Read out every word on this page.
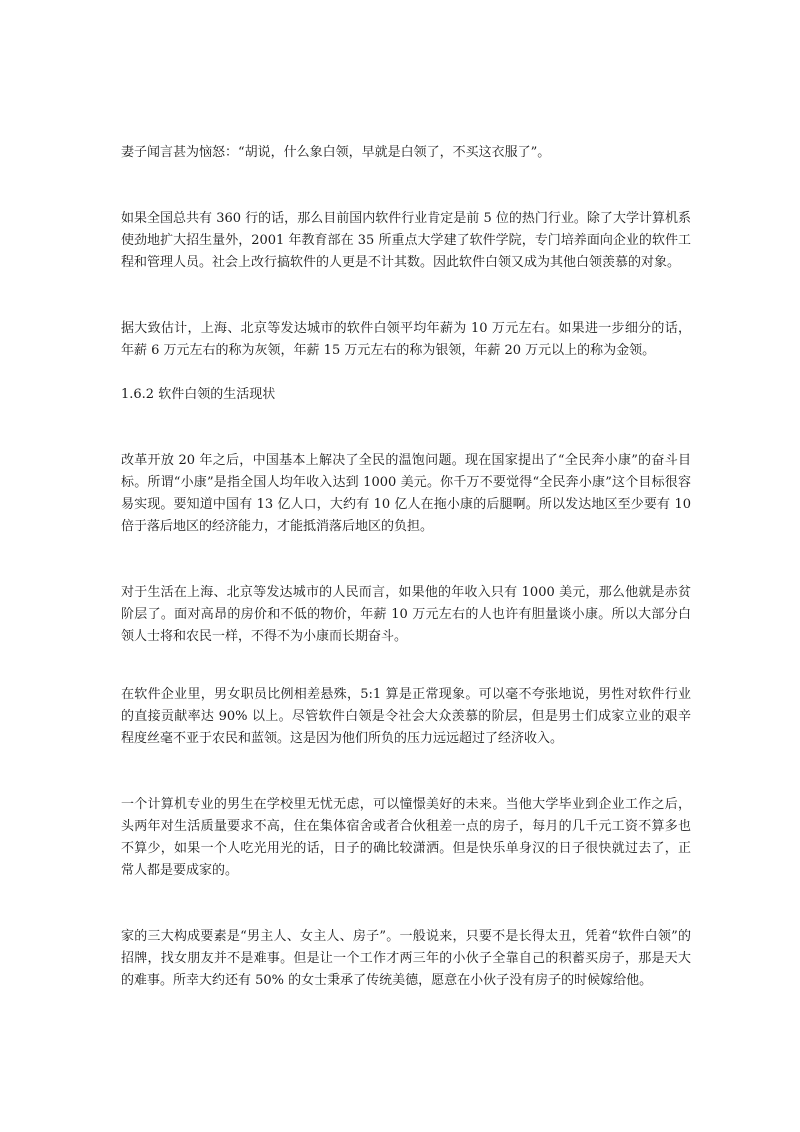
妻子闻言甚为恼怒：“胡说，什么象白领，早就是白领了，不买这衣服了”。

如果全国总共有 360 行的话，那么目前国内软件行业肯定是前 5 位的热门行业。除了大学计算机系使劲地扩大招生量外，2001 年教育部在 35 所重点大学建了软件学院，专门培养面向企业的软件工程和管理人员。社会上改行搞软件的人更是不计其数。因此软件白领又成为其他白领羡慕的对象。

据大致估计，上海、北京等发达城市的软件白领平均年薪为 10 万元左右。如果进一步细分的话，年薪 6 万元左右的称为灰领，年薪 15 万元左右的称为银领，年薪 20 万元以上的称为金领。

1.6.2 软件白领的生活现状

改革开放 20 年之后，中国基本上解决了全民的温饱问题。现在国家提出了“全民奔小康”的奋斗目标。所谓“小康”是指全国人均年收入达到 1000 美元。你千万不要觉得“全民奔小康”这个目标很容易实现。要知道中国有 13 亿人口，大约有 10 亿人在拖小康的后腿啊。所以发达地区至少要有 10 倍于落后地区的经济能力，才能抵消落后地区的负担。

对于生活在上海、北京等发达城市的人民而言，如果他的年收入只有 1000 美元，那么他就是赤贫阶层了。面对高昂的房价和不低的物价，年薪 10 万元左右的人也许有胆量谈小康。所以大部分白领人士将和农民一样，不得不为小康而长期奋斗。

在软件企业里，男女职员比例相差悬殊，5:1 算是正常现象。可以毫不夸张地说，男性对软件行业的直接贡献率达 90% 以上。尽管软件白领是令社会大众羡慕的阶层，但是男士们成家立业的艰辛程度丝毫不亚于农民和蓝领。这是因为他们所负的压力远远超过了经济收入。

一个计算机专业的男生在学校里无忧无虑，可以憧憬美好的未来。当他大学毕业到企业工作之后，头两年对生活质量要求不高，住在集体宿舍或者合伙租差一点的房子，每月的几千元工资不算多也不算少，如果一个人吃光用光的话，日子的确比较潇洒。但是快乐单身汉的日子很快就过去了，正常人都是要成家的。

家的三大构成要素是“男主人、女主人、房子”。一般说来，只要不是长得太丑，凭着“软件白领”的招牌，找女朋友并不是难事。但是让一个工作才两三年的小伙子全靠自己的积蓄买房子，那是天大的难事。所幸大约还有 50% 的女士秉承了传统美德，愿意在小伙子没有房子的时候嫁给他。
